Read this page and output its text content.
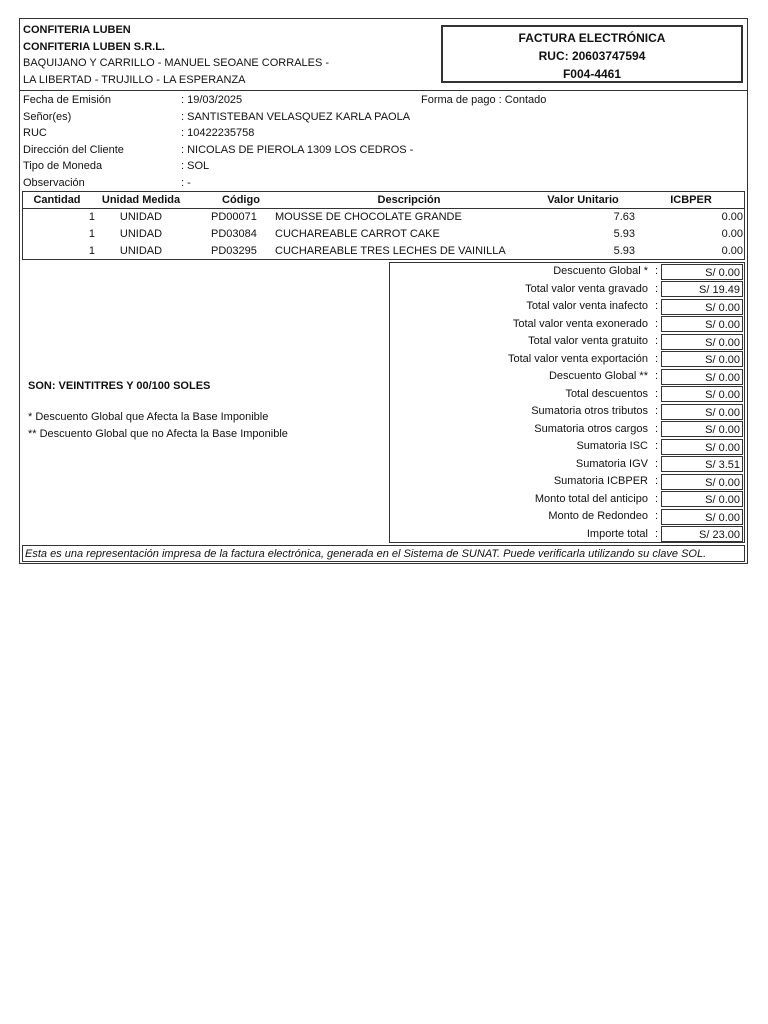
CONFITERIA LUBEN
CONFITERIA LUBEN S.R.L.
BAQUIJANO Y CARRILLO - MANUEL SEOANE CORRALES -
LA LIBERTAD - TRUJILLO - LA ESPERANZA
FACTURA ELECTRÓNICA
RUC: 20603747594
F004-4461
Fecha de Emisión	: 19/03/2025	Forma de pago : Contado
Señor(es)	: SANTISTEBAN VELASQUEZ KARLA PAOLA
RUC	: 10422235758
Dirección del Cliente	: NICOLAS DE PIEROLA 1309 LOS CEDROS -
Tipo de Moneda	: SOL
Observación	: -
Cantidad	Unidad Medida	Código	Descripción	Valor Unitario	ICBPER
1	UNIDAD	PD00071	MOUSSE DE CHOCOLATE GRANDE	7.63	0.00
1	UNIDAD	PD03084	CUCHAREABLE CARROT CAKE	5.93	0.00
1	UNIDAD	PD03295	CUCHAREABLE TRES LECHES DE VAINILLA	5.93	0.00
SON: VEINTITRES Y 00/100 SOLES
* Descuento Global que Afecta la Base Imponible
** Descuento Global que no Afecta la Base Imponible
Descuento Global * :	S/ 0.00
Total valor venta gravado :	S/ 19.49
Total valor venta inafecto :	S/ 0.00
Total valor venta exonerado :	S/ 0.00
Total valor venta gratuito :	S/ 0.00
Total valor venta exportación :	S/ 0.00
Descuento Global ** :	S/ 0.00
Total descuentos :	S/ 0.00
Sumatoria otros tributos :	S/ 0.00
Sumatoria otros cargos :	S/ 0.00
Sumatoria ISC :	S/ 0.00
Sumatoria IGV :	S/ 3.51
Sumatoria ICBPER :	S/ 0.00
Monto total del anticipo :	S/ 0.00
Monto de Redondeo :	S/ 0.00
Importe total :	S/ 23.00
Esta es una representación impresa de la factura electrónica, generada en el Sistema de SUNAT. Puede verificarla utilizando su clave SOL.
